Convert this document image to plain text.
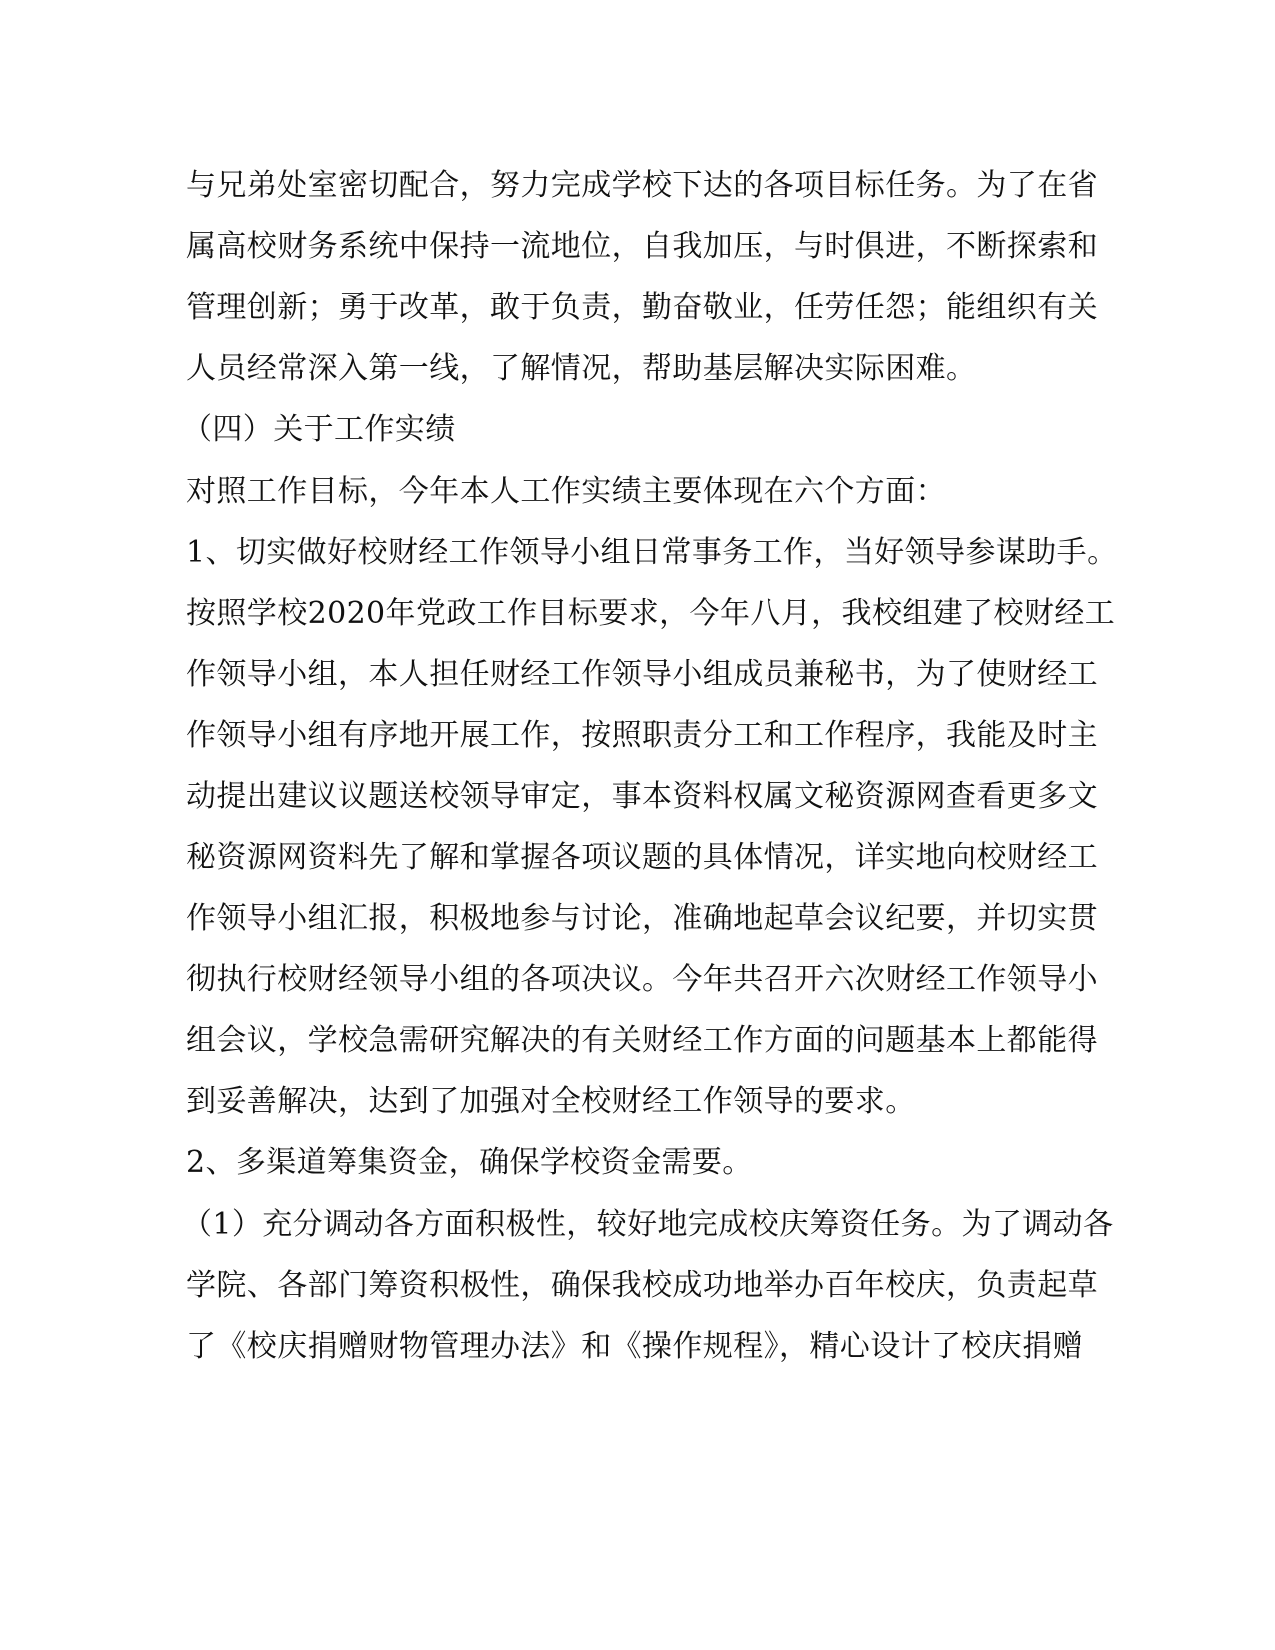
与兄弟处室密切配合，努力完成学校下达的各项目标任务。为了在省
属高校财务系统中保持一流地位，自我加压，与时俱进，不断探索和
管理创新；勇于改革，敢于负责，勤奋敬业，任劳任怨；能组织有关
人员经常深入第一线，了解情况，帮助基层解决实际困难。
（四）关于工作实绩
对照工作目标，今年本人工作实绩主要体现在六个方面：
1、切实做好校财经工作领导小组日常事务工作，当好领导参谋助手。
按照学校2020年党政工作目标要求，今年八月，我校组建了校财经工
作领导小组，本人担任财经工作领导小组成员兼秘书，为了使财经工
作领导小组有序地开展工作，按照职责分工和工作程序，我能及时主
动提出建议议题送校领导审定，事本资料权属文秘资源网查看更多文
秘资源网资料先了解和掌握各项议题的具体情况，详实地向校财经工
作领导小组汇报，积极地参与讨论，准确地起草会议纪要，并切实贯
彻执行校财经领导小组的各项决议。今年共召开六次财经工作领导小
组会议，学校急需研究解决的有关财经工作方面的问题基本上都能得
到妥善解决，达到了加强对全校财经工作领导的要求。
2、多渠道筹集资金，确保学校资金需要。
（1）充分调动各方面积极性，较好地完成校庆筹资任务。为了调动各
学院、各部门筹资积极性，确保我校成功地举办百年校庆，负责起草
了《校庆捐赠财物管理办法》和《操作规程》，精心设计了校庆捐赠
